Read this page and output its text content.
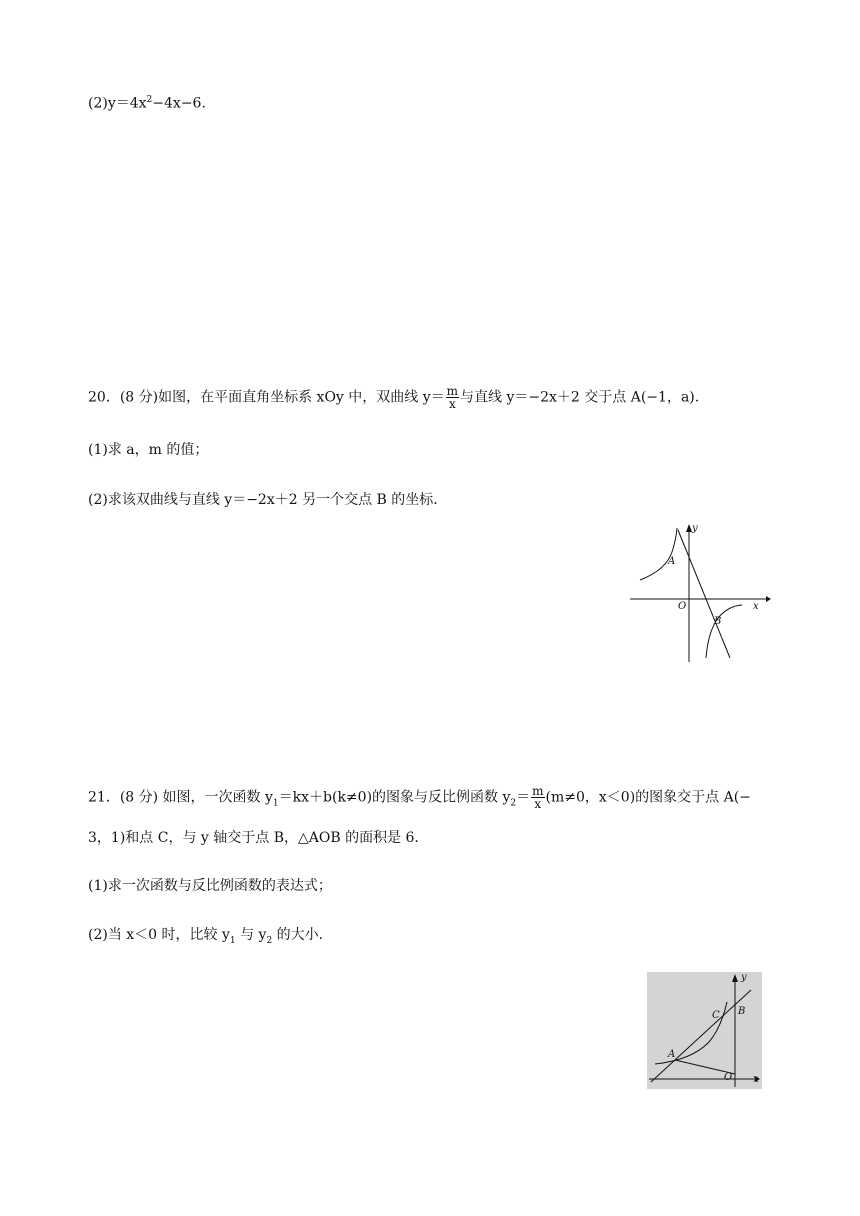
$(2)y=4x^2-4x-6$.
20．(8 分)如图，在平面直角坐标系 xOy 中，双曲线 $y= \frac{m}{x}$ 与直线 y＝−2x＋2 交于点 A(−1，a).
(1)求 a，m 的值；
(2)求该双曲线与直线 y＝−2x＋2 另一个交点 B 的坐标．
y
x
O
A
B
21．(8 分) 如图，一次函数 $y_1=kx+b(k\ne 0)$的图象与反比例函数 $y_2= \frac{m}{x} (m\ne 0$，x＜0)的图象交于点 A(−
3，1)和点 C，与 y 轴交于点 B，△AOB 的面积是 6.
(1)求一次函数与反比例函数的表达式；
(2)当 x＜0 时，比较 $y_1$ 与 $y_2$ 的大小．
y
x
O
A
B
C
